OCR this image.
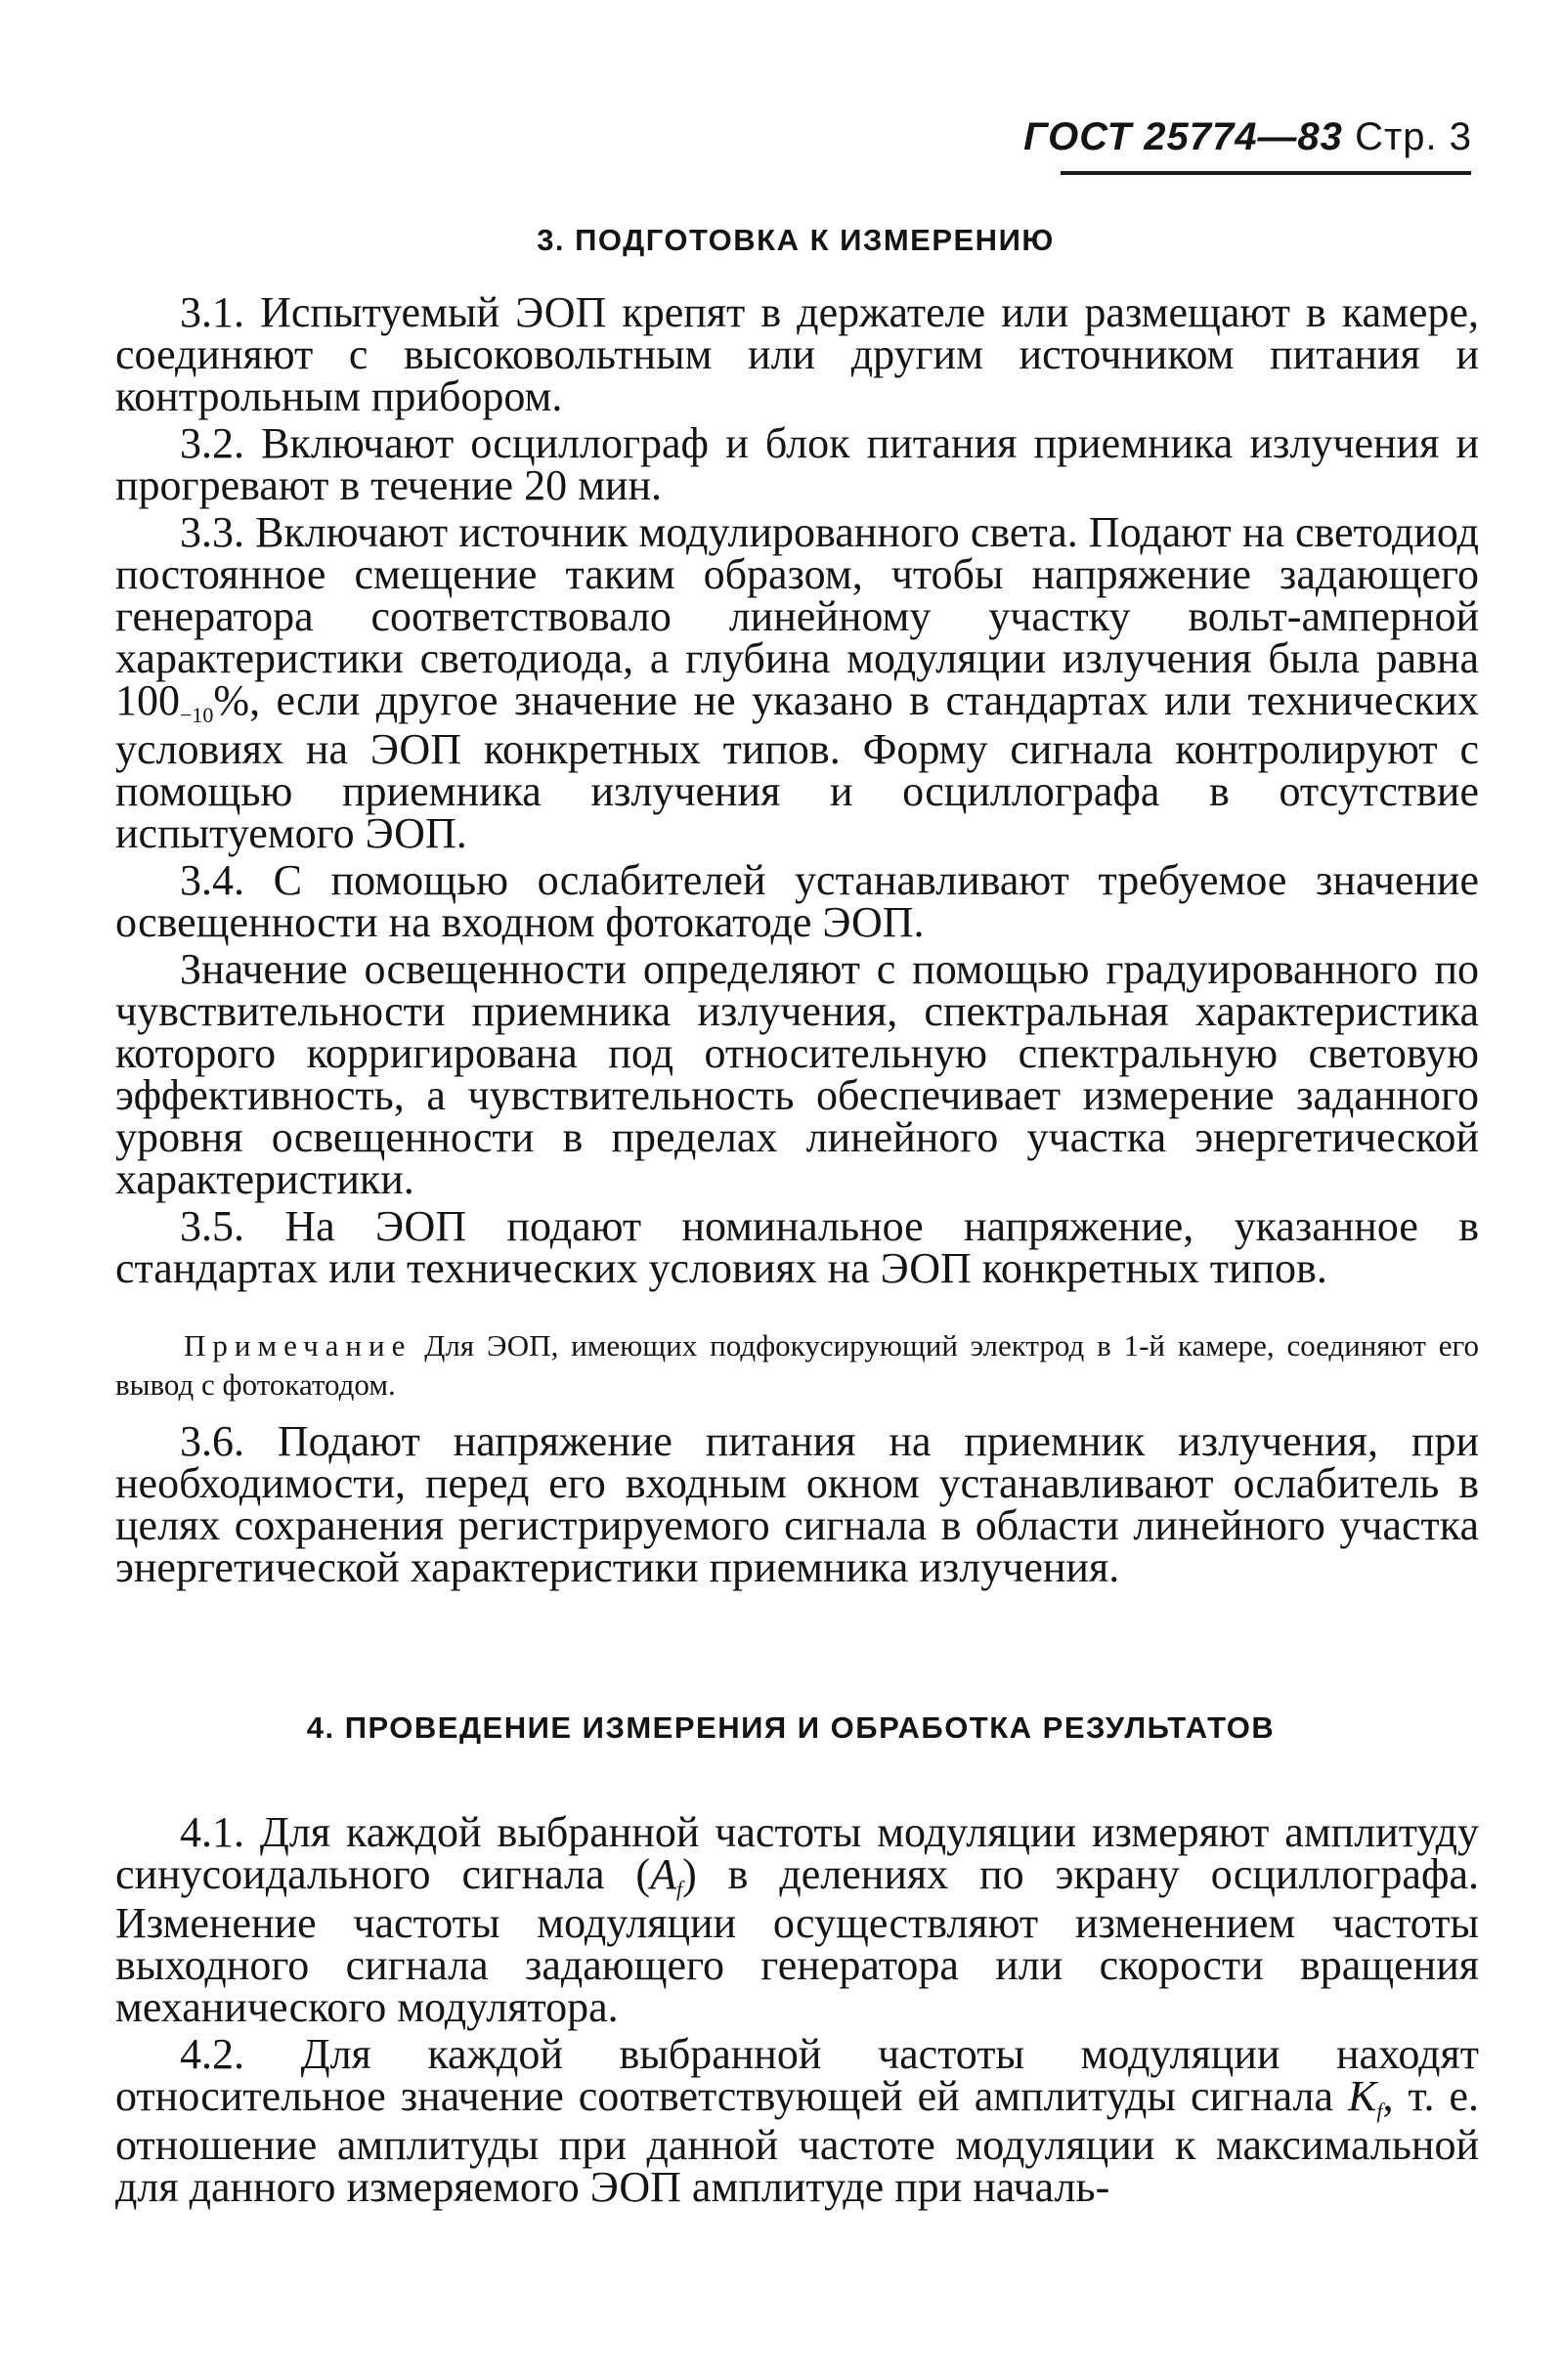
ГОСТ 25774—83 Стр. 3
3. ПОДГОТОВКА К ИЗМЕРЕНИЮ

3.1. Испытуемый ЭОП крепят в держателе или размещают в камере, соединяют с высоковольтным или другим источником питания и контрольным прибором.

3.2. Включают осциллограф и блок питания приемника излучения и прогревают в течение 20 мин.

3.3. Включают источник модулированного света. Подают на светодиод постоянное смещение таким образом, чтобы напряжение задающего генератора соответствовало линейному участку вольт-амперной характеристики светодиода, а глубина модуляции излучения была равна 100−10%, если другое значение не указано в стандартах или технических условиях на ЭОП конкретных типов. Форму сигнала контролируют с помощью приемника излучения и осциллографа в отсутствие испытуемого ЭОП.

3.4. С помощью ослабителей устанавливают требуемое значение освещенности на входном фотокатоде ЭОП.

Значение освещенности определяют с помощью градуированного по чувствительности приемника излучения, спектральная характеристика которого корригирована под относительную спектральную световую эффективность, а чувствительность обеспечивает измерение заданного уровня освещенности в пределах линейного участка энергетической характеристики.

3.5. На ЭОП подают номинальное напряжение, указанное в стандартах или технических условиях на ЭОП конкретных типов.

Примечание Для ЭОП, имеющих подфокусирующий электрод в 1-й камере, соединяют его вывод с фотокатодом.

3.6. Подают напряжение питания на приемник излучения, при необходимости, перед его входным окном устанавливают ослабитель в целях сохранения регистрируемого сигнала в области линейного участка энергетической характеристики приемника излучения.

4. ПРОВЕДЕНИЕ ИЗМЕРЕНИЯ И ОБРАБОТКА РЕЗУЛЬТАТОВ

4.1. Для каждой выбранной частоты модуляции измеряют амплитуду синусоидального сигнала (Af) в делениях по экрану осциллографа. Изменение частоты модуляции осуществляют изменением частоты выходного сигнала задающего генератора или скорости вращения механического модулятора.

4.2. Для каждой выбранной частоты модуляции находят относительное значение соответствующей ей амплитуды сигнала Kf, т. е. отношение амплитуды при данной частоте модуляции к максимальной для данного измеряемого ЭОП амплитуде при началь-
